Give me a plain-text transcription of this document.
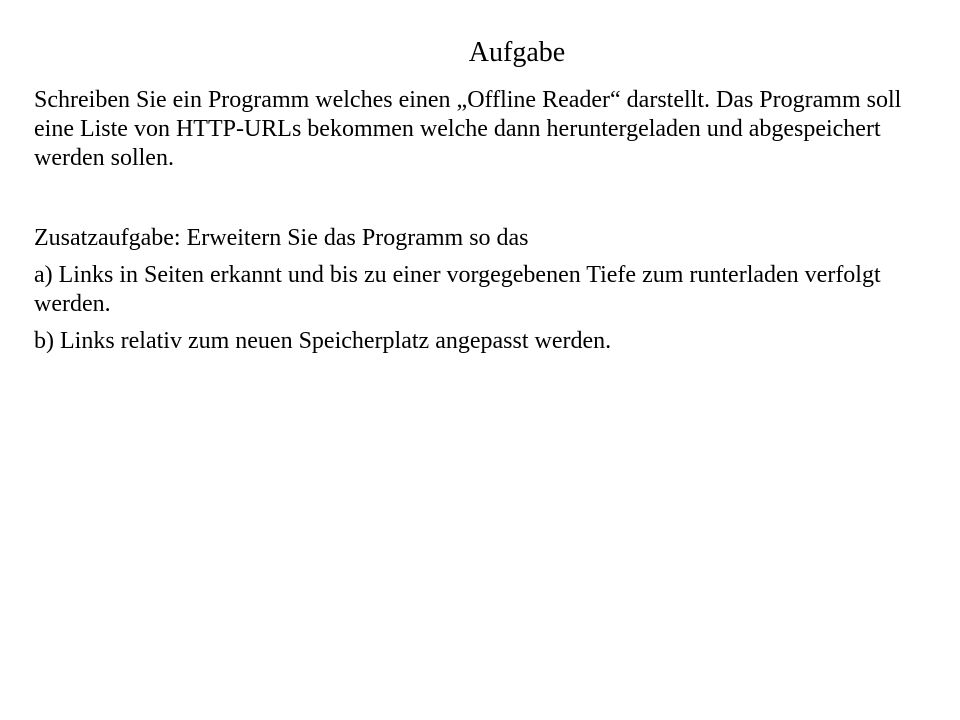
Aufgabe

Schreiben Sie ein Programm welches einen „Offline Reader“ darstellt. Das Programm soll eine Liste von HTTP-URLs bekommen welche dann heruntergeladen und abgespeichert werden sollen.

Zusatzaufgabe: Erweitern Sie das Programm so das

a) Links in Seiten erkannt und bis zu einer vorgegebenen Tiefe zum runterladen verfolgt werden.

b) Links relativ zum neuen Speicherplatz angepasst werden.
